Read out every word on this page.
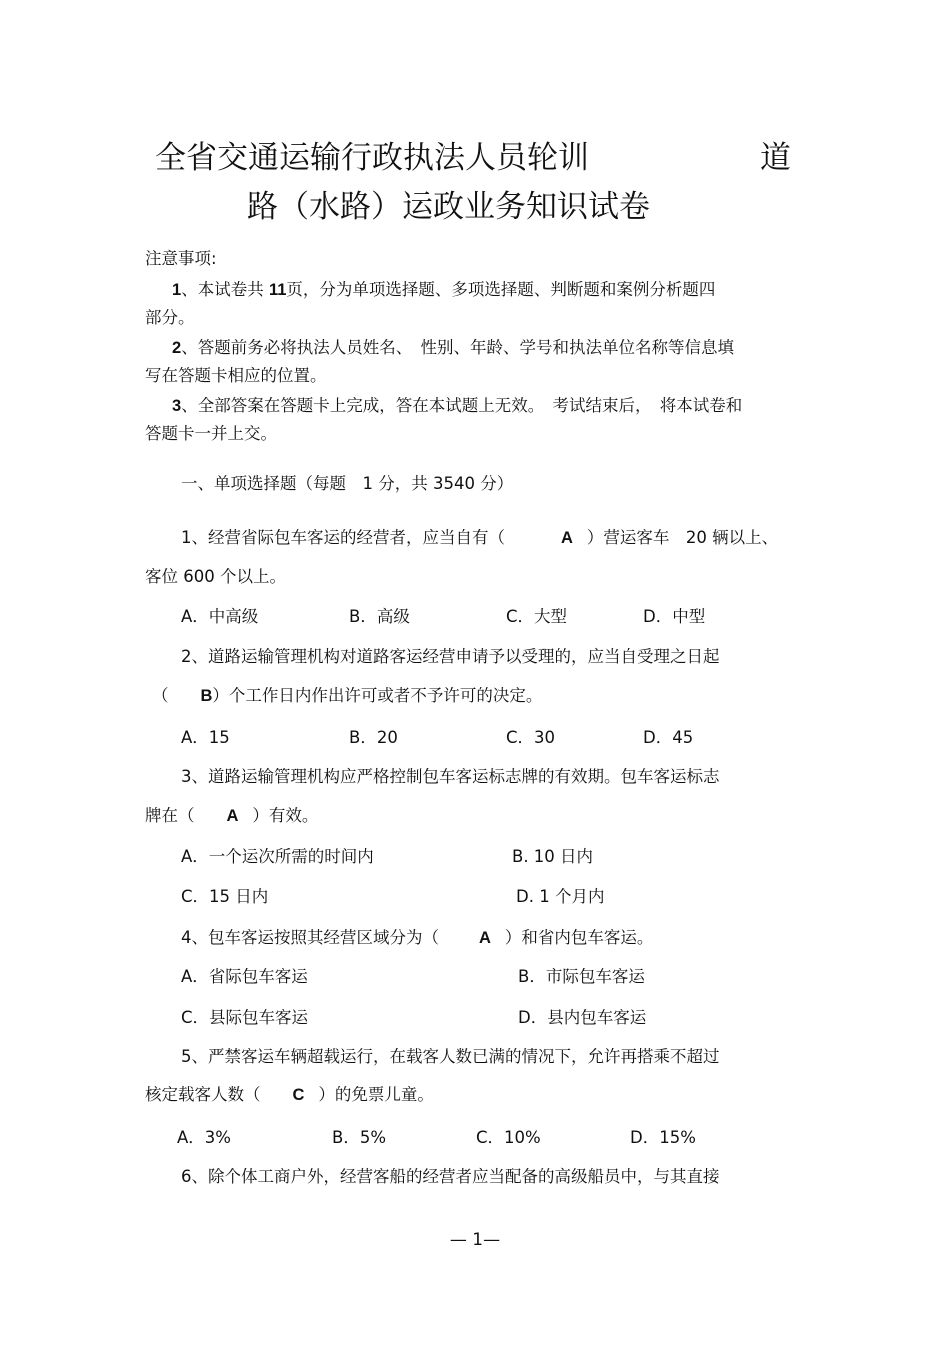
全省交通运输行政执法人员轮训	道
路（水路）运政业务知识试卷
注意事项:
1、本试卷共 11页，分为单项选择题、多项选择题、判断题和案例分析题四
部分。
2、答题前务必将执法人员姓名、　性别、年龄、学号和执法单位名称等信息填
写在答题卡相应的位置。
3、全部答案在答题卡上完成，答在本试题上无效。　考试结束后，　将本试卷和
答题卡一并上交。
一、单项选择题（每题　1 分，共 3540 分）
1、经营省际包车客运的经营者，应当自有（	A ）营运客车　20 辆以上、
客位 600 个以上。
A．中高级	B．高级	C．大型	D．中型
2、道路运输管理机构对道路客运经营申请予以受理的，应当自受理之日起
（ B）个工作日内作出许可或者不予许可的决定。
A．15	B．20	C．30	D．45
3、道路运输管理机构应严格控制包车客运标志牌的有效期。包车客运标志
牌在（ A ）有效。
A．一个运次所需的时间内	B. 10 日内
C．15 日内	D. 1 个月内
4、包车客运按照其经营区域分为（ A ）和省内包车客运。
A．省际包车客运	B．市际包车客运
C．县际包车客运	D．县内包车客运
5、严禁客运车辆超载运行，在载客人数已满的情况下，允许再搭乘不超过
核定载客人数（ C ）的免票儿童。
A．3%	B．5%	C．10%	D．15%
6、除个体工商户外，经营客船的经营者应当配备的高级船员中，与其直接
— 1—
